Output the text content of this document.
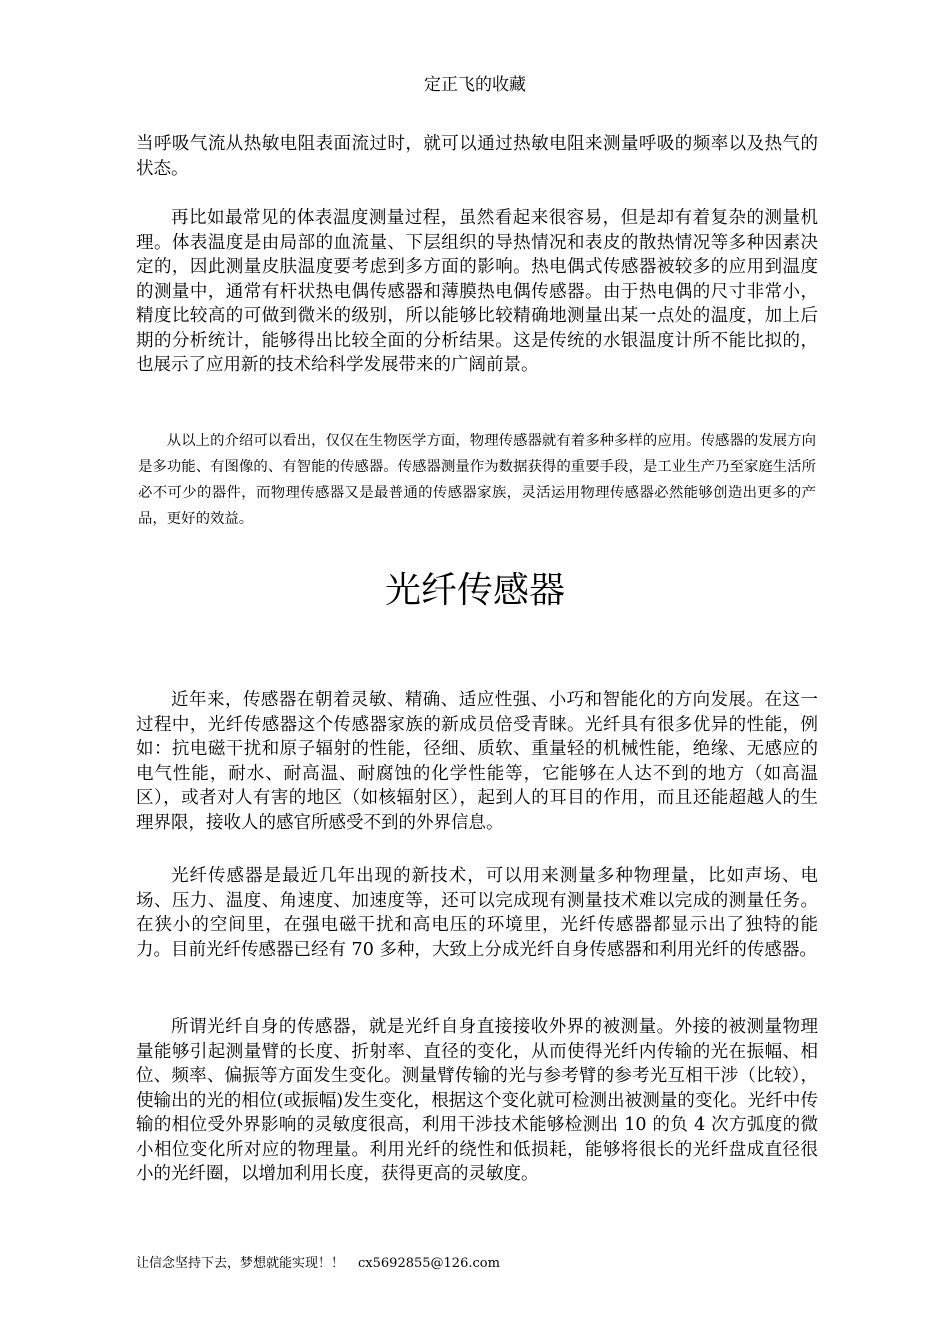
定正飞的收藏

当呼吸气流从热敏电阻表面流过时，就可以通过热敏电阻来测量呼吸的频率以及热气的状态。

再比如最常见的体表温度测量过程，虽然看起来很容易，但是却有着复杂的测量机理。体表温度是由局部的血流量、下层组织的导热情况和表皮的散热情况等多种因素决定的，因此测量皮肤温度要考虑到多方面的影响。热电偶式传感器被较多的应用到温度的测量中，通常有杆状热电偶传感器和薄膜热电偶传感器。由于热电偶的尺寸非常小，精度比较高的可做到微米的级别，所以能够比较精确地测量出某一点处的温度，加上后期的分析统计，能够得出比较全面的分析结果。这是传统的水银温度计所不能比拟的，也展示了应用新的技术给科学发展带来的广阔前景。

从以上的介绍可以看出，仅仅在生物医学方面，物理传感器就有着多种多样的应用。传感器的发展方向是多功能、有图像的、有智能的传感器。传感器测量作为数据获得的重要手段，是工业生产乃至家庭生活所必不可少的器件，而物理传感器又是最普通的传感器家族，灵活运用物理传感器必然能够创造出更多的产品，更好的效益。

光纤传感器

近年来，传感器在朝着灵敏、精确、适应性强、小巧和智能化的方向发展。在这一过程中，光纤传感器这个传感器家族的新成员倍受青睐。光纤具有很多优异的性能，例如：抗电磁干扰和原子辐射的性能，径细、质软、重量轻的机械性能，绝缘、无感应的电气性能，耐水、耐高温、耐腐蚀的化学性能等，它能够在人达不到的地方（如高温区），或者对人有害的地区（如核辐射区），起到人的耳目的作用，而且还能超越人的生理界限，接收人的感官所感受不到的外界信息。

光纤传感器是最近几年出现的新技术，可以用来测量多种物理量，比如声场、电场、压力、温度、角速度、加速度等，还可以完成现有测量技术难以完成的测量任务。在狭小的空间里，在强电磁干扰和高电压的环境里，光纤传感器都显示出了独特的能力。目前光纤传感器已经有 70 多种，大致上分成光纤自身传感器和利用光纤的传感器。

所谓光纤自身的传感器，就是光纤自身直接接收外界的被测量。外接的被测量物理量能够引起测量臂的长度、折射率、直径的变化，从而使得光纤内传输的光在振幅、相位、频率、偏振等方面发生变化。测量臂传输的光与参考臂的参考光互相干涉（比较），使输出的光的相位(或振幅)发生变化，根据这个变化就可检测出被测量的变化。光纤中传输的相位受外界影响的灵敏度很高，利用干涉技术能够检测出 10 的负 4 次方弧度的微小相位变化所对应的物理量。利用光纤的绕性和低损耗，能够将很长的光纤盘成直径很小的光纤圈，以增加利用长度，获得更高的灵敏度。

让信念坚持下去，梦想就能实现！！ cx5692855@126.com
